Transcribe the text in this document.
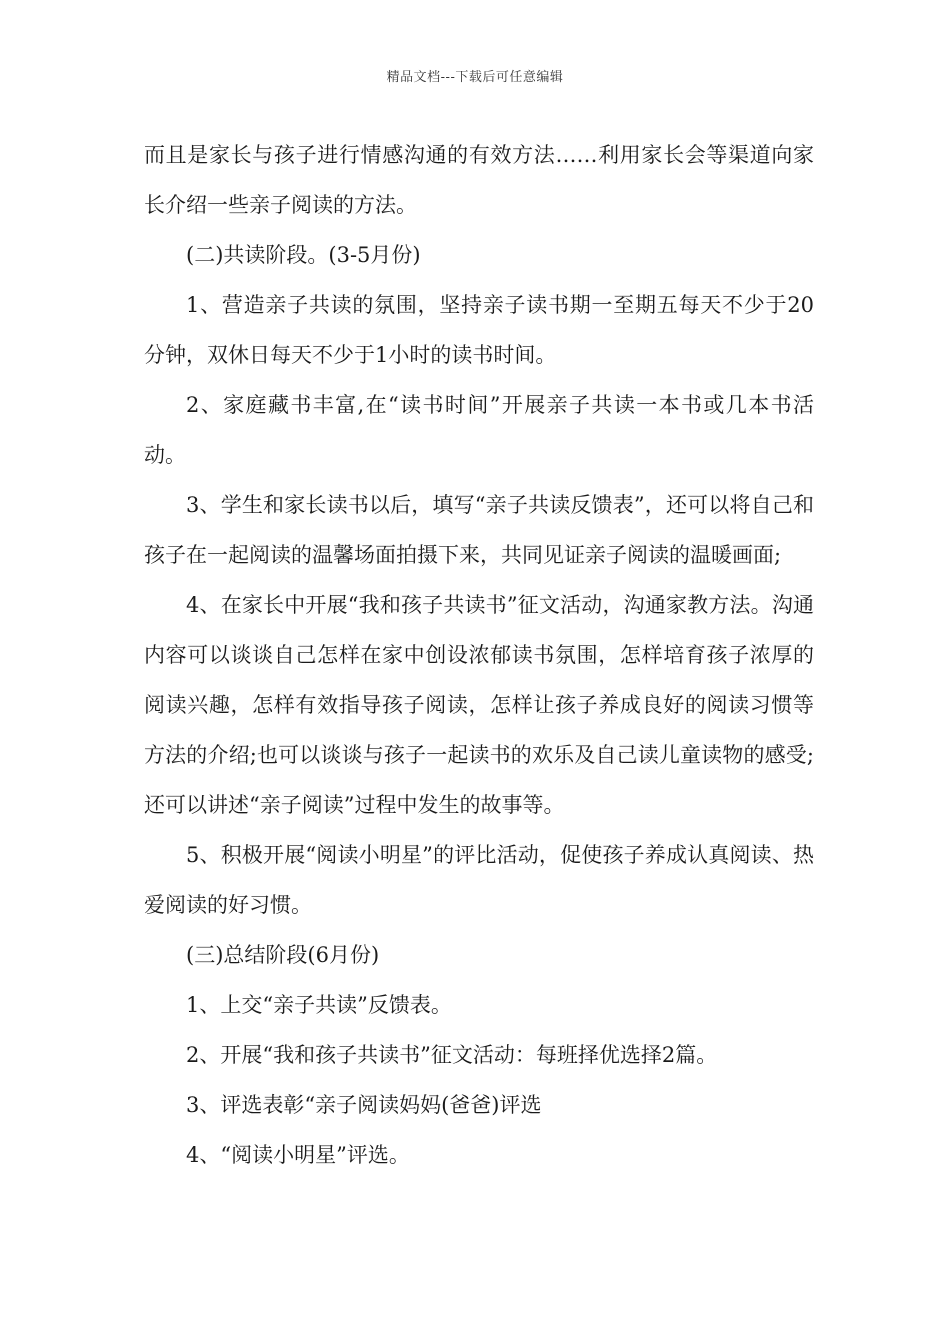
精品文档---下载后可任意编辑

而且是家长与孩子进行情感沟通的有效方法……利用家长会等渠道向家长介绍一些亲子阅读的方法。

(二)共读阶段。(3-5月份)

1、营造亲子共读的氛围，坚持亲子读书期一至期五每天不少于20分钟，双休日每天不少于1小时的读书时间。

2、家庭藏书丰富,在“读书时间”开展亲子共读一本书或几本书活动。

3、学生和家长读书以后，填写“亲子共读反馈表”，还可以将自己和孩子在一起阅读的温馨场面拍摄下来，共同见证亲子阅读的温暖画面;

4、在家长中开展“我和孩子共读书”征文活动，沟通家教方法。沟通内容可以谈谈自己怎样在家中创设浓郁读书氛围，怎样培育孩子浓厚的阅读兴趣，怎样有效指导孩子阅读，怎样让孩子养成良好的阅读习惯等方法的介绍;也可以谈谈与孩子一起读书的欢乐及自己读儿童读物的感受;还可以讲述“亲子阅读”过程中发生的故事等。

5、积极开展“阅读小明星”的评比活动，促使孩子养成认真阅读、热爱阅读的好习惯。

(三)总结阶段(6月份)

1、上交“亲子共读”反馈表。

2、开展“我和孩子共读书”征文活动：每班择优选择2篇。

3、评选表彰“亲子阅读妈妈(爸爸)评选

4、“阅读小明星”评选。
